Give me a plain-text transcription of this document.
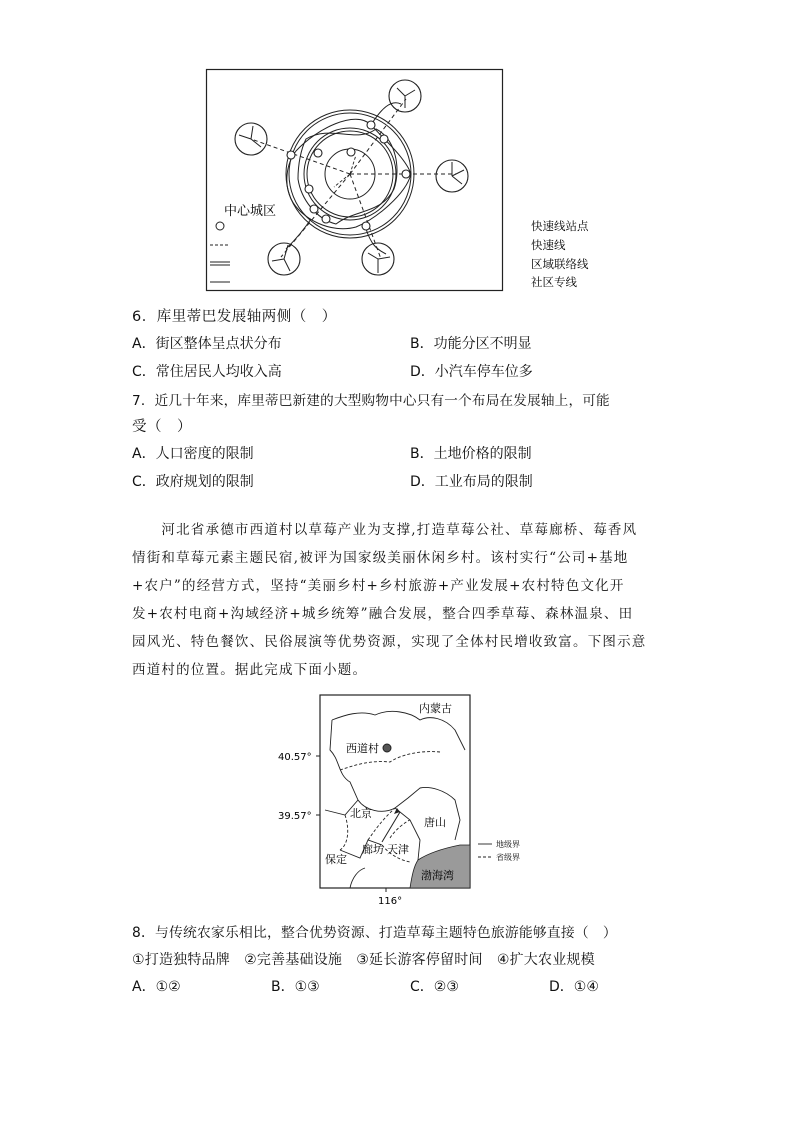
中心城区
快速线站点
快速线
区域联络线
社区专线
6．库里蒂巴发展轴两侧（　）
A．街区整体呈点状分布	B．功能分区不明显
C．常住居民人均收入高	D．小汽车停车位多
7．近几十年来，库里蒂巴新建的大型购物中心只有一个布局在发展轴上，可能
受（　）
A．人口密度的限制	B．土地价格的限制
C．政府规划的限制	D．工业布局的限制
　　河北省承德市西道村以草莓产业为支撑,打造草莓公社、草莓廊桥、莓香风
情街和草莓元素主题民宿,被评为国家级美丽休闲乡村。该村实行“公司+基地
+农户”的经营方式，坚持“美丽乡村+乡村旅游+产业发展+农村特色文化开
发+农村电商+沟域经济+城乡统筹”融合发展，整合四季草莓、森林温泉、田
园风光、特色餐饮、民俗展演等优势资源，实现了全体村民增收致富。下图示意
西道村的位置。据此完成下面小题。
内蒙古
西道村
北京
唐山
廊坊 天津
保定
渤海湾
40.57°
39.57°
116°
地级界
省级界
8．与传统农家乐相比，整合优势资源、打造草莓主题特色旅游能够直接（　）
①打造独特品牌　②完善基础设施　③延长游客停留时间　④扩大农业规模
A．①②	B．①③	C．②③	D．①④
